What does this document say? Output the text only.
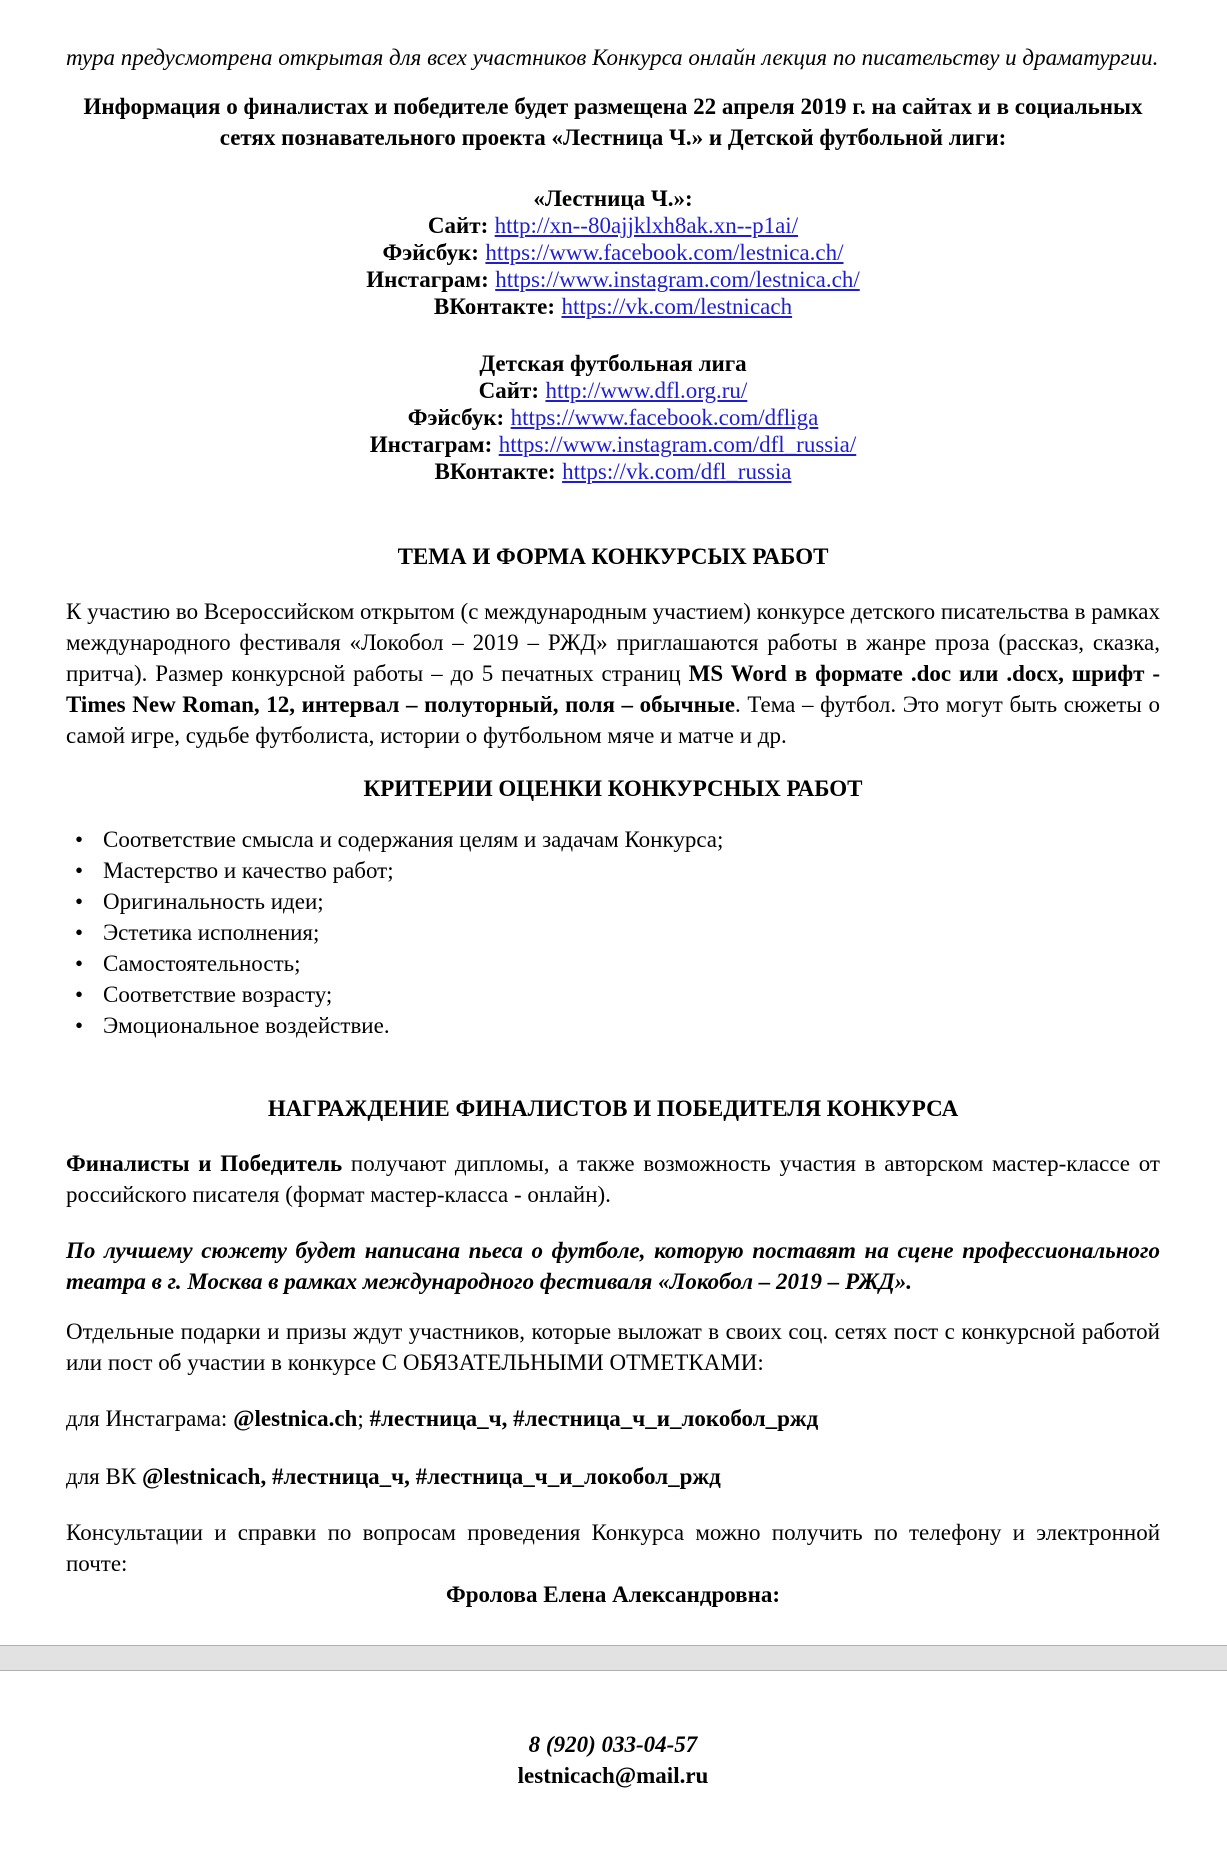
тура предусмотрена открытая для всех участников Конкурса онлайн лекция по писательству и драматургии.

Информация о финалистах и победителе будет размещена 22 апреля 2019 г. на сайтах и в социальных сетях познавательного проекта «Лестница Ч.» и Детской футбольной лиги:

«Лестница Ч.»:

Сайт: http://xn--80ajjklxh8ak.xn--p1ai/

Фэйсбук: https://www.facebook.com/lestnica.ch/

Инстаграм: https://www.instagram.com/lestnica.ch/

ВКонтакте: https://vk.com/lestnicach

Детская футбольная лига

Сайт: http://www.dfl.org.ru/

Фэйсбук: https://www.facebook.com/dfliga

Инстаграм: https://www.instagram.com/dfl_russia/

ВКонтакте: https://vk.com/dfl_russia

ТЕМА И ФОРМА КОНКУРСЫХ РАБОТ

К участию во Всероссийском открытом (с международным участием) конкурсе детского писательства в рамках международного фестиваля «Локобол – 2019 – РЖД» приглашаются работы в жанре проза (рассказ, сказка, притча). Размер конкурсной работы – до 5 печатных страниц MS Word в формате .doc или .docx, шрифт - Times New Roman, 12, интервал – полуторный, поля – обычные. Тема – футбол. Это могут быть сюжеты о самой игре, судьбе футболиста, истории о футбольном мяче и матче и др.

КРИТЕРИИ ОЦЕНКИ КОНКУРСНЫХ РАБОТ

• Соответствие смысла и содержания целям и задачам Конкурса;
• Мастерство и качество работ;
• Оригинальность идеи;
• Эстетика исполнения;
• Самостоятельность;
• Соответствие возрасту;
• Эмоциональное воздействие.

НАГРАЖДЕНИЕ ФИНАЛИСТОВ И ПОБЕДИТЕЛЯ КОНКУРСА

Финалисты и Победитель получают дипломы, а также возможность участия в авторском мастер-классе от российского писателя (формат мастер-класса - онлайн).

По лучшему сюжету будет написана пьеса о футболе, которую поставят на сцене профессионального театра в г. Москва в рамках международного фестиваля «Локобол – 2019 – РЖД».

Отдельные подарки и призы ждут участников, которые выложат в своих соц. сетях пост с конкурсной работой или пост об участии в конкурсе С ОБЯЗАТЕЛЬНЫМИ ОТМЕТКАМИ:

для Инстаграма: @lestnica.ch; #лестница_ч, #лестница_ч_и_локобол_ржд

для ВК @lestnicach, #лестница_ч, #лестница_ч_и_локобол_ржд

Консультации и справки по вопросам проведения Конкурса можно получить по телефону и электронной почте:

Фролова Елена Александровна:

8 (920) 033-04-57

lestnicach@mail.ru
